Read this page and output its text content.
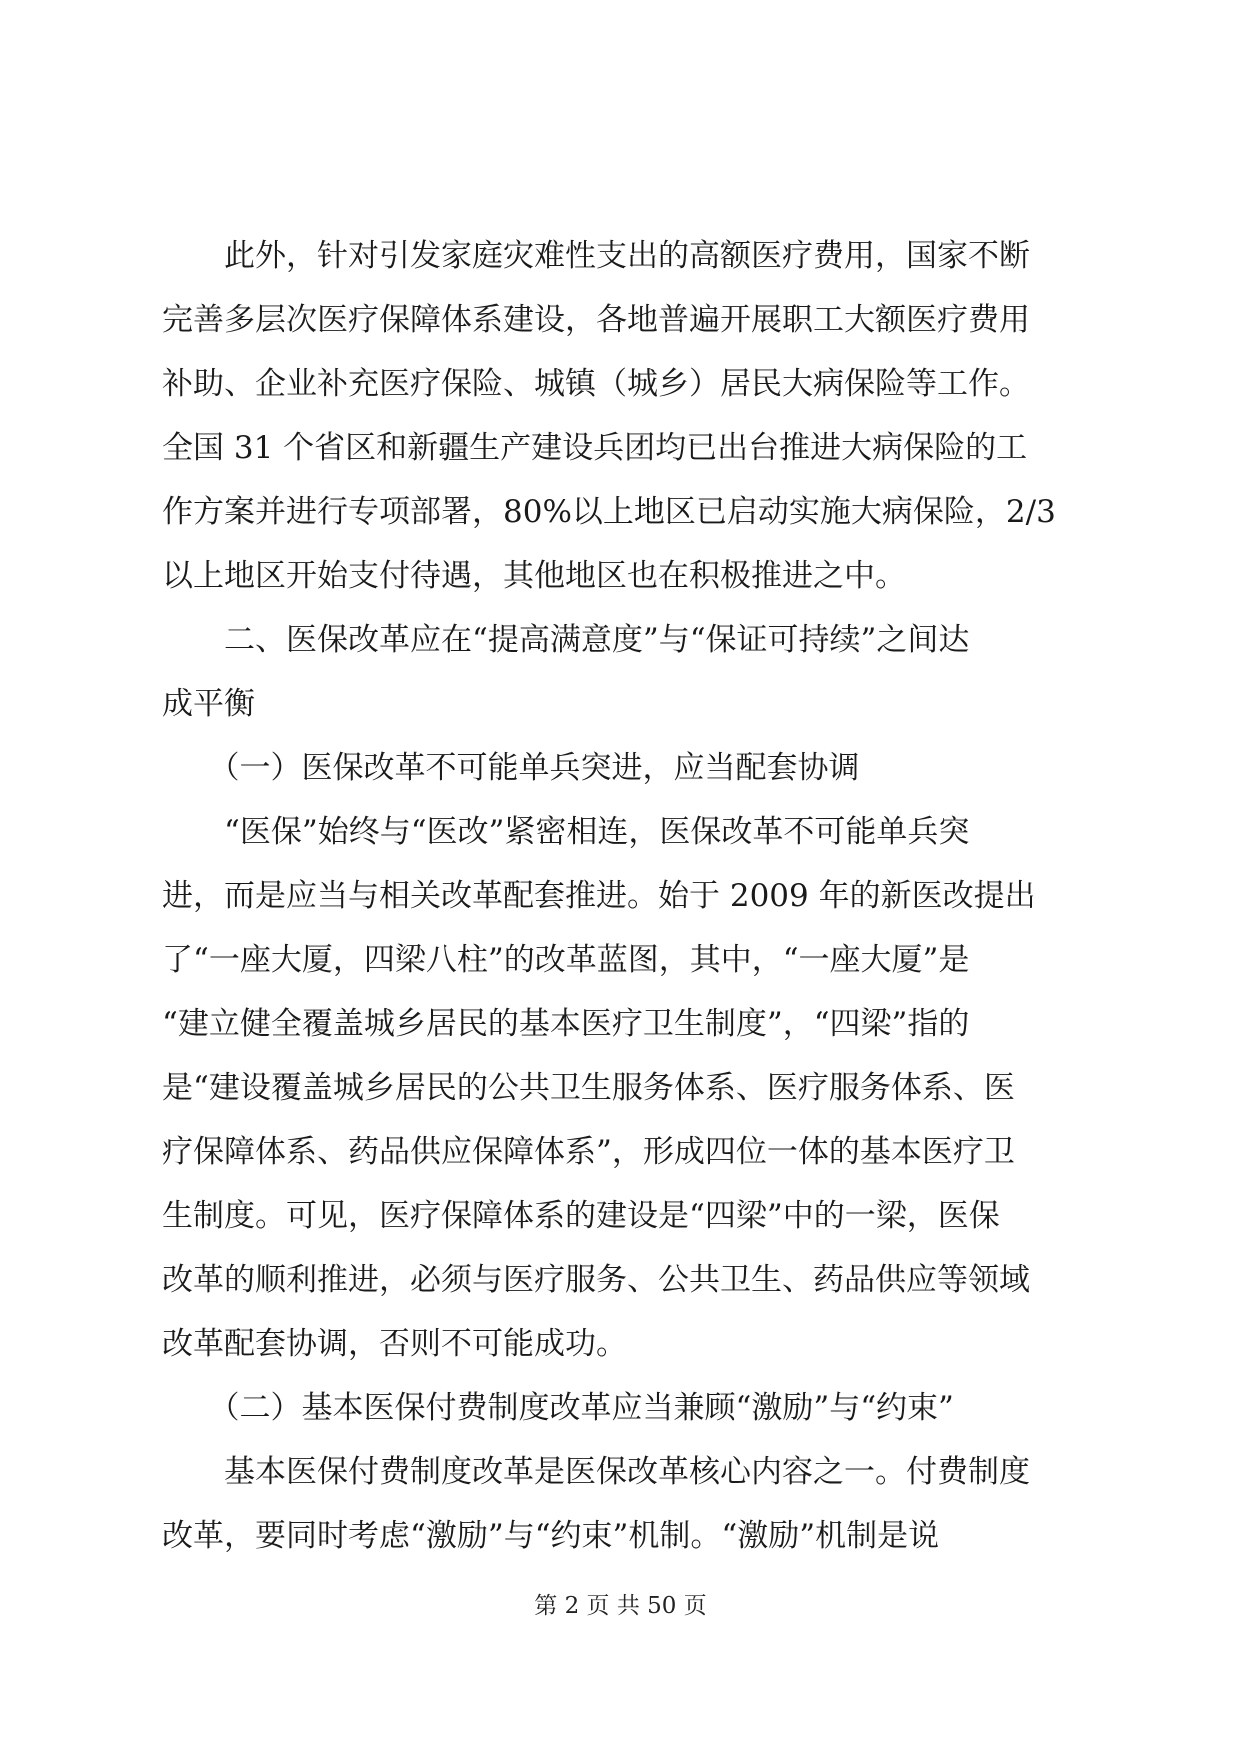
　　此外，针对引发家庭灾难性支出的高额医疗费用，国家不断
完善多层次医疗保障体系建设，各地普遍开展职工大额医疗费用
补助、企业补充医疗保险、城镇（城乡）居民大病保险等工作。
全国 31 个省区和新疆生产建设兵团均已出台推进大病保险的工
作方案并进行专项部署，80%以上地区已启动实施大病保险，2/3
以上地区开始支付待遇，其他地区也在积极推进之中。
　　二、医保改革应在“提高满意度”与“保证可持续”之间达
成平衡
　　（一）医保改革不可能单兵突进，应当配套协调
　　“医保”始终与“医改”紧密相连，医保改革不可能单兵突
进，而是应当与相关改革配套推进。始于 2009 年的新医改提出
了“一座大厦，四梁八柱”的改革蓝图，其中，“一座大厦”是
“建立健全覆盖城乡居民的基本医疗卫生制度”，“四梁”指的
是“建设覆盖城乡居民的公共卫生服务体系、医疗服务体系、医
疗保障体系、药品供应保障体系”，形成四位一体的基本医疗卫
生制度。可见，医疗保障体系的建设是“四梁”中的一梁，医保
改革的顺利推进，必须与医疗服务、公共卫生、药品供应等领域
改革配套协调，否则不可能成功。
　　（二）基本医保付费制度改革应当兼顾“激励”与“约束”
　　基本医保付费制度改革是医保改革核心内容之一。付费制度
改革，要同时考虑“激励”与“约束”机制。“激励”机制是说
第 2 页 共 50 页
